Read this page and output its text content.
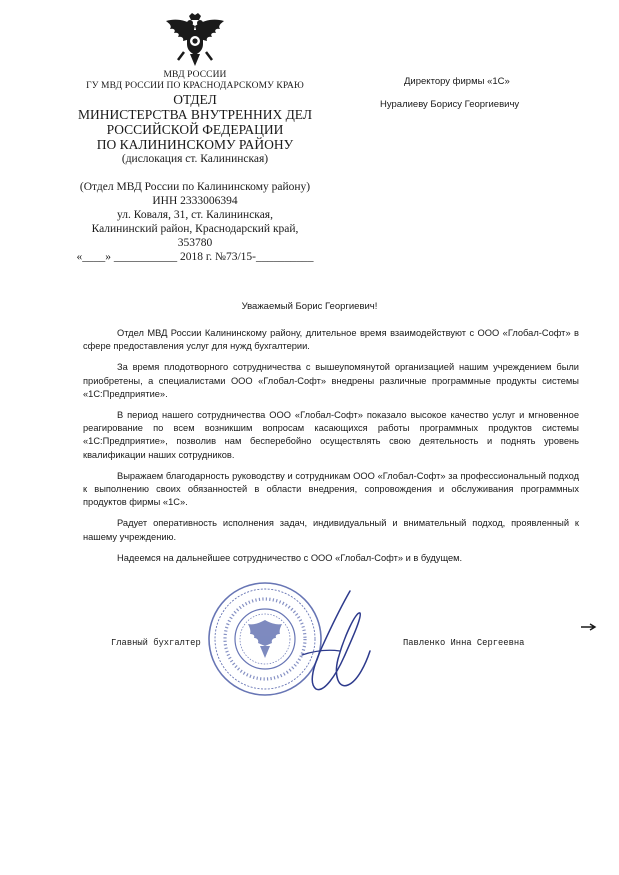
МВД РОССИИ
ГУ МВД РОССИИ ПО КРАСНОДАРСКОМУ КРАЮ
ОТДЕЛ
МИНИСТЕРСТВА ВНУТРЕННИХ ДЕЛ
РОССИЙСКОЙ ФЕДЕРАЦИИ
ПО КАЛИНИНСКОМУ РАЙОНУ
(дислокация ст. Калининская)
(Отдел МВД России по Калининскому району)
ИНН 2333006394
ул. Коваля, 31, ст. Калининская,
Калининский район, Краснодарский край,
353780
«____» ___________ 2018 г. №73/15-__________
Директору фирмы «1С»
Нуралиеву Борису Георгиевичу
Уважаемый Борис Георгиевич!

Отдел МВД России Калининскому району, длительное время взаимодействуют с ООО «Глобал-Софт» в сфере предоставления услуг для нужд бухгалтерии.

За время плодотворного сотрудничества с вышеупомянутой организацией нашим учреждением были приобретены, а специалистами ООО «Глобал-Софт» внедрены различные программные продукты системы «1С:Предприятие».

В период нашего сотрудничества ООО «Глобал-Софт» показало высокое качество услуг и мгновенное реагирование по всем возникшим вопросам касающихся работы программных продуктов системы «1С:Предприятие», позволив нам бесперебойно осуществлять свою деятельность и поднять уровень квалификации наших сотрудников.

Выражаем благодарность руководству и сотрудникам ООО «Глобал-Софт» за профессиональный подход к выполнению своих обязанностей в области внедрения, сопровождения и обслуживания программных продуктов фирмы «1С».

Радует оперативность исполнения задач, индивидуальный и внимательный подход, проявленный к нашему учреждению.

Надеемся на дальнейшее сотрудничество с ООО «Глобал-Софт» и в будущем.

Главный бухгалтер	Павленко Инна Сергеевна
